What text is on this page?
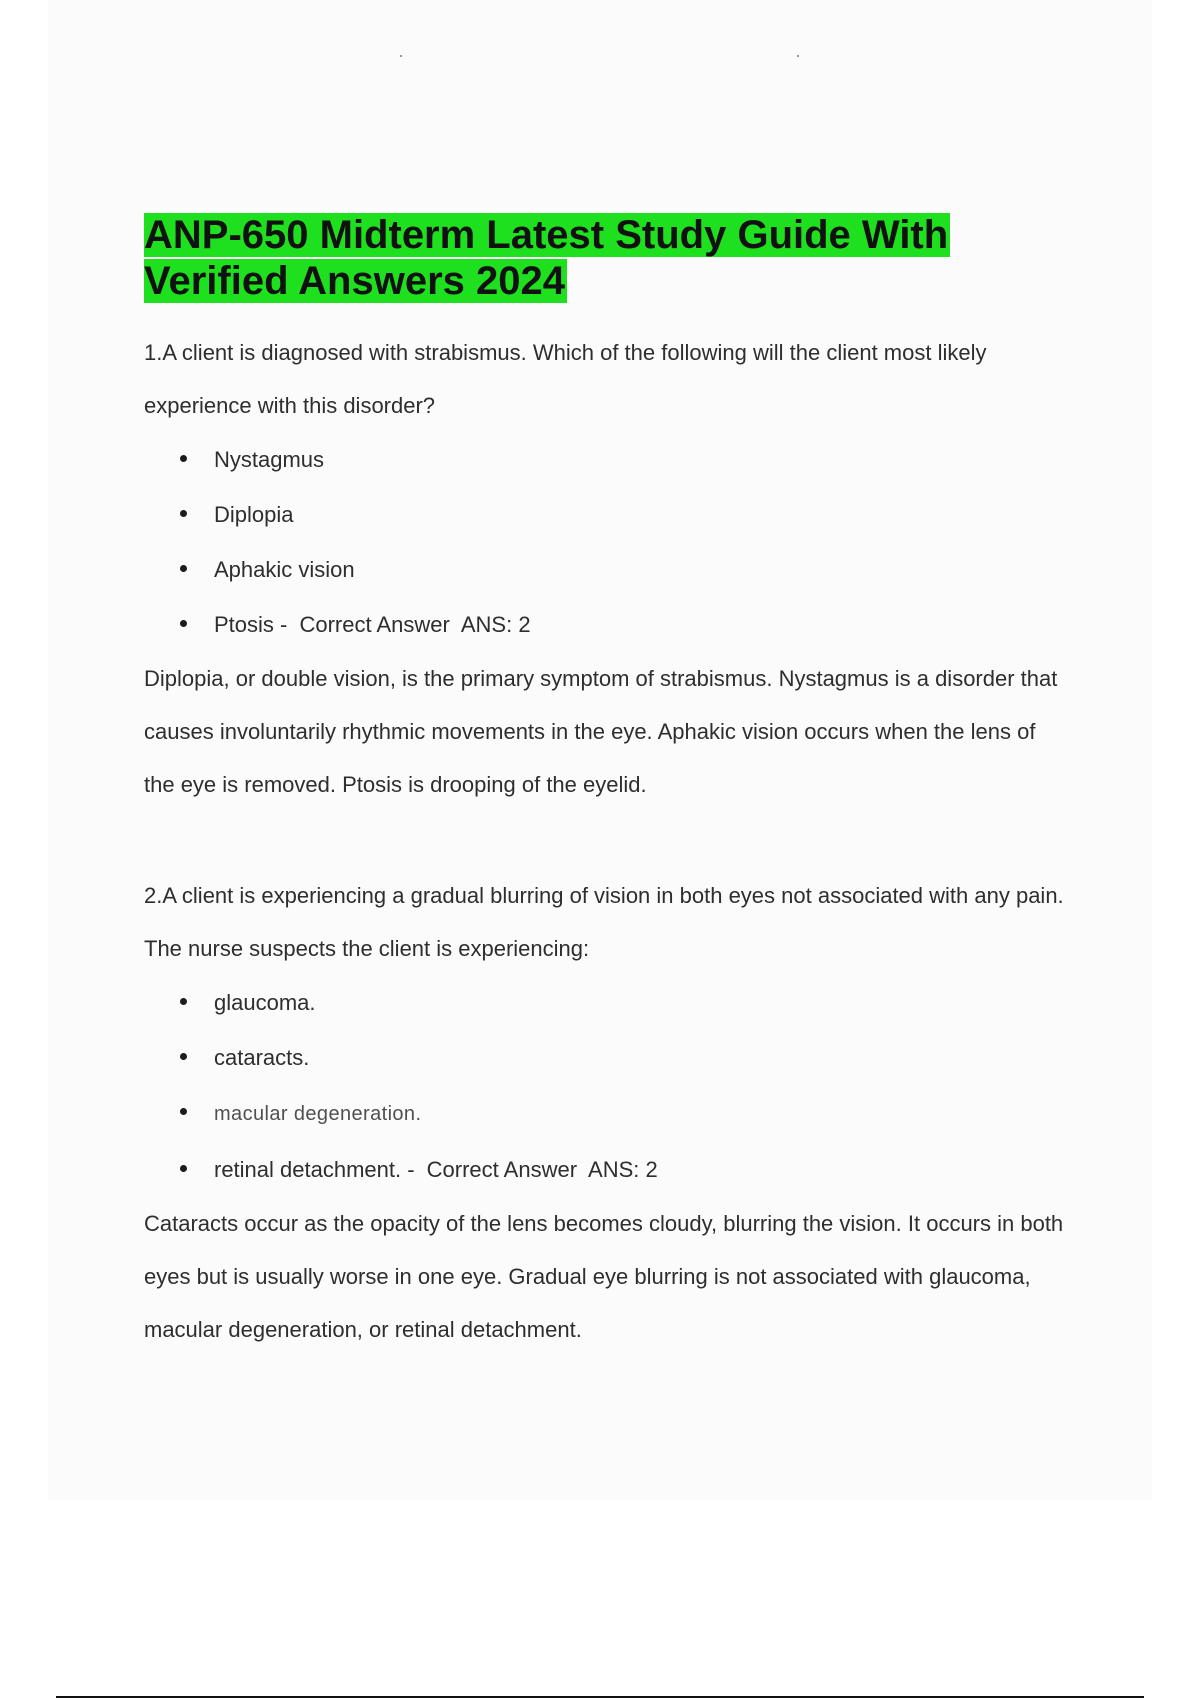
ANP-650 Midterm Latest Study Guide With
Verified Answers 2024

1.A client is diagnosed with strabismus. Which of the following will the client most likely experience with this disorder?

Nystagmus
Diplopia
Aphakic vision
Ptosis - Correct Answer  ANS: 2

Diplopia, or double vision, is the primary symptom of strabismus. Nystagmus is a disorder that causes involuntarily rhythmic movements in the eye. Aphakic vision occurs when the lens of the eye is removed. Ptosis is drooping of the eyelid.

2.A client is experiencing a gradual blurring of vision in both eyes not associated with any pain. The nurse suspects the client is experiencing:

glaucoma.
cataracts.
macular degeneration.
retinal detachment. - Correct Answer  ANS: 2

Cataracts occur as the opacity of the lens becomes cloudy, blurring the vision. It occurs in both eyes but is usually worse in one eye. Gradual eye blurring is not associated with glaucoma, macular degeneration, or retinal detachment.
